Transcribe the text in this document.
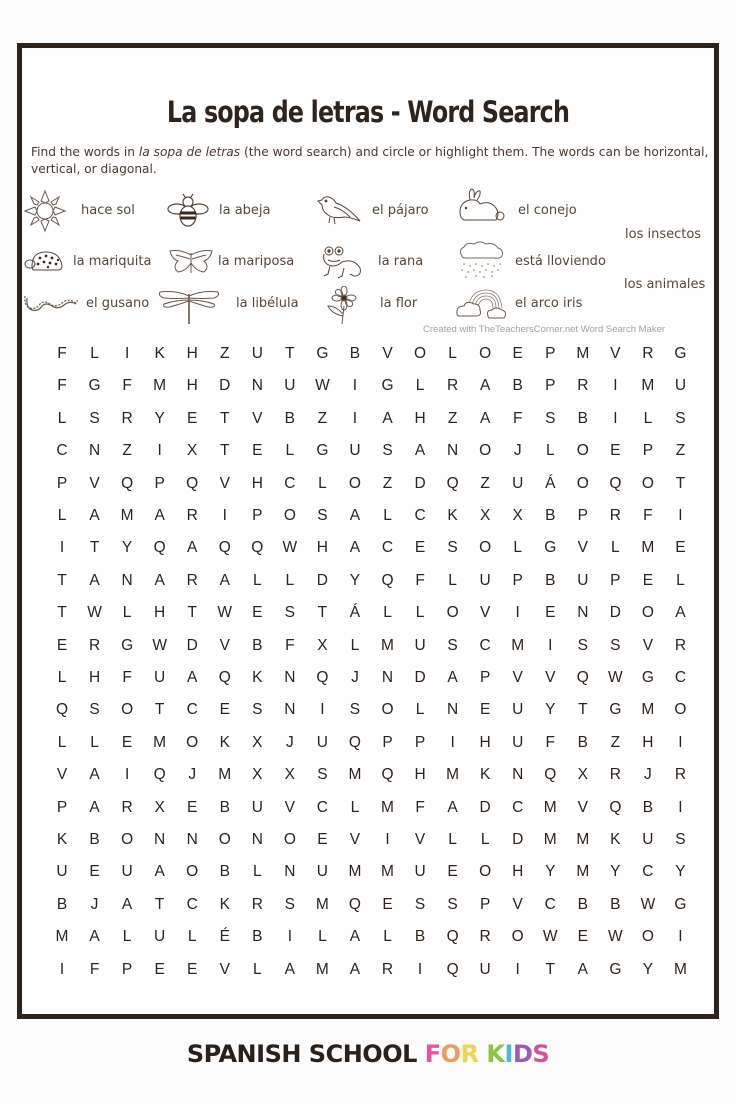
La sopa de letras - Word Search
Find the words in la sopa de letras (the word search) and circle or highlight them. The words can be horizontal, vertical, or diagonal.
hace sol	la abeja	el pájaro	el conejo
los insectos
la mariquita	la mariposa	la rana	está lloviendo
los animales
el gusano	la libélula	la flor	el arco iris
Created with TheTeachersCorner.net Word Search Maker
F	L	I	K	H	Z	U	T	G	B	V	O	L	O	E	P	M	V	R	G
F	G	F	M	H	D	N	U	W	I	G	L	R	A	B	P	R	I	M	U
L	S	R	Y	E	T	V	B	Z	I	A	H	Z	A	F	S	B	I	L	S
C	N	Z	I	X	T	E	L	G	U	S	A	N	O	J	L	O	E	P	Z
P	V	Q	P	Q	V	H	C	L	O	Z	D	Q	Z	U	Á	O	Q	O	T
L	A	M	A	R	I	P	O	S	A	L	C	K	X	X	B	P	R	F	I
I	T	Y	Q	A	Q	Q	W	H	A	C	E	S	O	L	G	V	L	M	E
T	A	N	A	R	A	L	L	D	Y	Q	F	L	U	P	B	U	P	E	L
T	W	L	H	T	W	E	S	T	Á	L	L	O	V	I	E	N	D	O	A
E	R	G	W	D	V	B	F	X	L	M	U	S	C	M	I	S	S	V	R
L	H	F	U	A	Q	K	N	Q	J	N	D	A	P	V	V	Q	W	G	C
Q	S	O	T	C	E	S	N	I	S	O	L	N	E	U	Y	T	G	M	O
L	L	E	M	O	K	X	J	U	Q	P	P	I	H	U	F	B	Z	H	I
V	A	I	Q	J	M	X	X	S	M	Q	H	M	K	N	Q	X	R	J	R
P	A	R	X	E	B	U	V	C	L	M	F	A	D	C	M	V	Q	B	I
K	B	O	N	N	O	N	O	E	V	I	V	L	L	D	M	M	K	U	S
U	E	U	A	O	B	L	N	U	M	M	U	E	O	H	Y	M	Y	C	Y
B	J	A	T	C	K	R	S	M	Q	E	S	S	P	V	C	B	B	W	G
M	A	L	U	L	É	B	I	L	A	L	B	Q	R	O	W	E	W	O	I
I	F	P	E	E	V	L	A	M	A	R	I	Q	U	I	T	A	G	Y	M
SPANISH SCHOOL FOR KIDS
